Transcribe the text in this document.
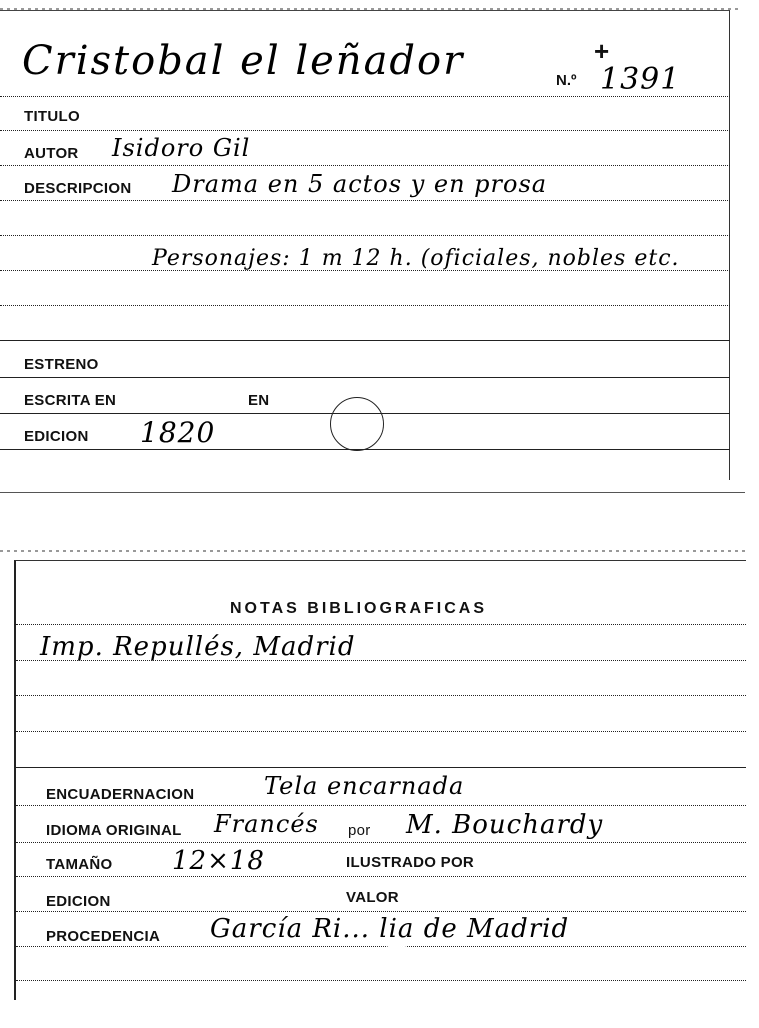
Cristobal el leñador	N.º
+
1391
TITULO
AUTOR Isidoro Gil
DESCRIPCION Drama en 5 actos y en prosa
Personajes: 1 m 12 h. (oficiales, nobles etc.
ESTRENO
ESCRITA EN	EN
EDICION 1820
NOTAS BIBLIOGRAFICAS
Imp. Repullés, Madrid
ENCUADERNACION	Tela encarnada
IDIOMA ORIGINAL Francés por M. Bouchardy
TAMAÑO 12×18	ILUSTRADO POR
EDICION	VALOR
PROCEDENCIA García Ri... lia de Madrid
